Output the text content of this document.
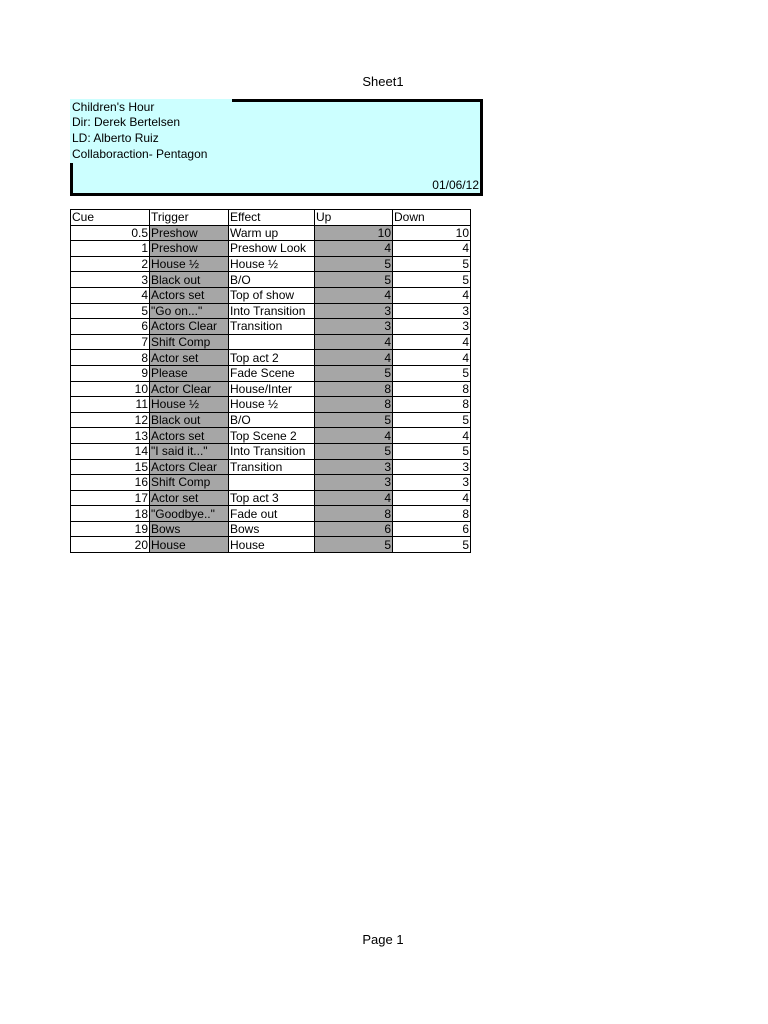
Sheet1
Children's Hour
Dir: Derek Bertelsen
LD: Alberto Ruiz
Collaboraction- Pentagon
01/06/12
Cue	Trigger	Effect	Up	Down
0.5	Preshow	Warm up	10	10
1	Preshow	Preshow Look	4	4
2	House ½	House ½	5	5
3	Black out	B/O	5	5
4	Actors set	Top of show	4	4
5	"Go on..."	Into Transition	3	3
6	Actors Clear	Transition	3	3
7	Shift Comp		4	4
8	Actor set	Top act 2	4	4
9	Please	Fade Scene	5	5
10	Actor Clear	House/Inter	8	8
11	House ½	House ½	8	8
12	Black out	B/O	5	5
13	Actors set	Top Scene 2	4	4
14	"I said it..."	Into Transition	5	5
15	Actors Clear	Transition	3	3
16	Shift Comp		3	3
17	Actor set	Top act 3	4	4
18	"Goodbye.."	Fade out	8	8
19	Bows	Bows	6	6
20	House	House	5	5
Page 1
